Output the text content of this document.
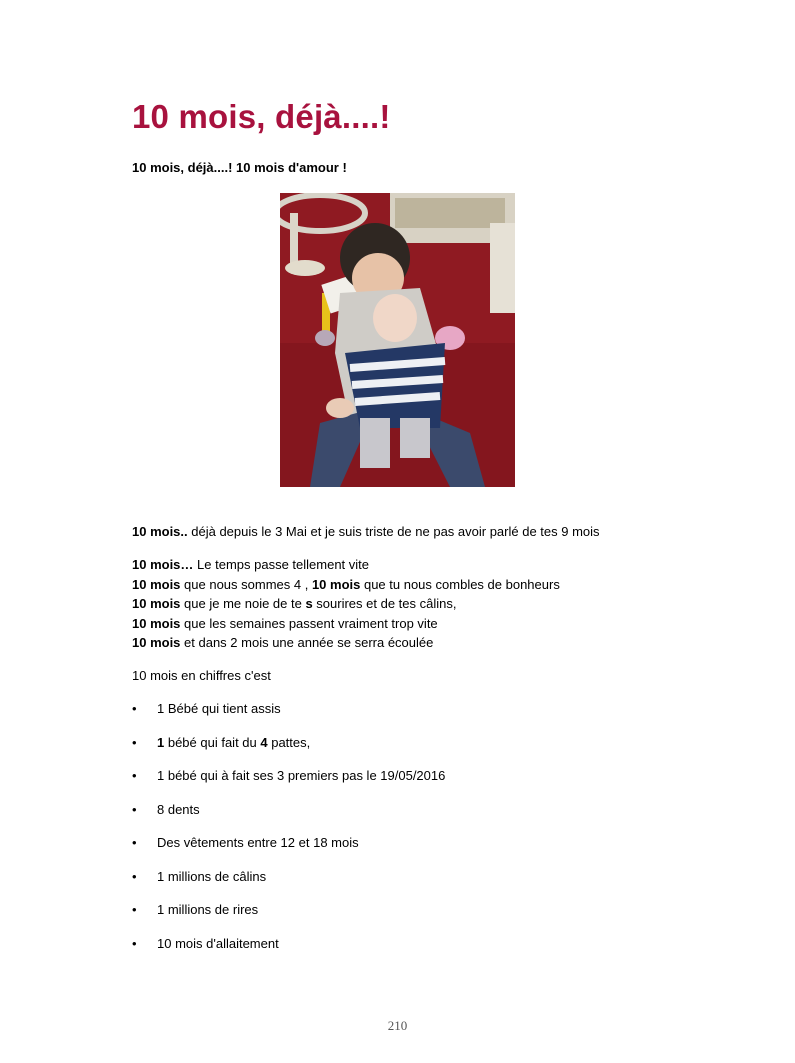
10 mois, déjà....!

10 mois, déjà....! 10 mois d'amour !

10 mois.. déjà depuis le 3 Mai et je suis triste de ne pas avoir parlé de tes 9 mois

10 mois… Le temps passe tellement vite
10 mois que nous sommes 4 , 10 mois que tu nous combles de bonheurs
10 mois que je me noie de te s sourires et de tes câlins,
10 mois que les semaines passent vraiment trop vite
10 mois et dans 2 mois une année se serra écoulée

10 mois en chiffres c'est

•	1 Bébé qui tient assis
•	1 bébé qui fait du 4 pattes,
•	1 bébé qui à fait ses 3 premiers pas le 19/05/2016
•	8 dents
•	Des vêtements entre 12 et 18 mois
•	1 millions de câlins
•	1 millions de rires
•	10 mois d'allaitement
210
